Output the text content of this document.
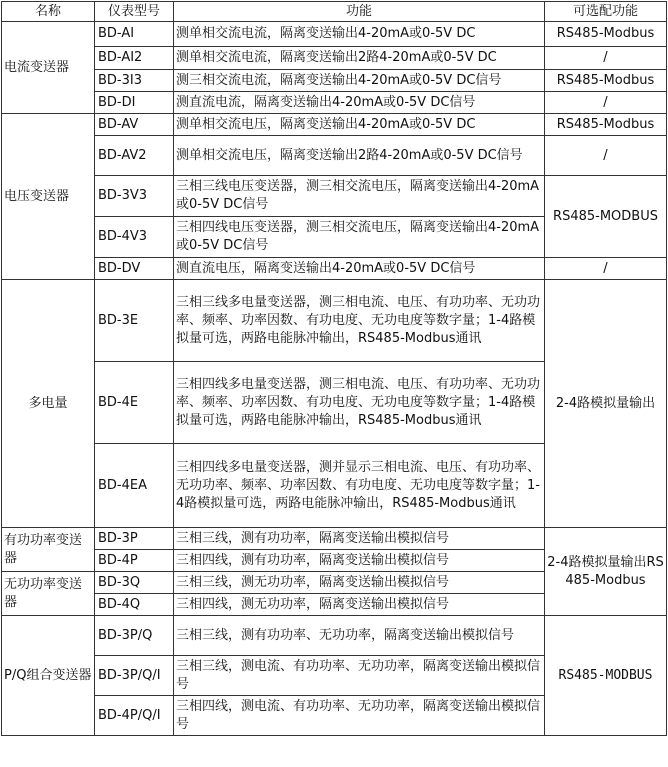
名称	仪表型号	功能	可选配功能
电流变送器	BD-AI	测单相交流电流，隔离变送输出4-20mA或0-5V DC	RS485-Modbus
	BD-AI2	测单相交流电流，隔离变送输出2路4-20mA或0-5V DC	/
	BD-3I3	测三相交流电流，隔离变送输出4-20mA或0-5V DC信号	RS485-Modbus
	BD-DI	测直流电流，隔离变送输出4-20mA或0-5V DC信号	/
电压变送器	BD-AV	测单相交流电压，隔离变送输出4-20mA或0-5V DC	RS485-Modbus
	BD-AV2	测单相交流电压，隔离变送输出2路4-20mA或0-5V DC信号	/
	BD-3V3	三相三线电压变送器，测三相交流电压，隔离变送输出4-20mA或0-5V DC信号	RS485-MODBUS
	BD-4V3	三相四线电压变送器，测三相交流电压，隔离变送输出4-20mA或0-5V DC信号	
	BD-DV	测直流电压，隔离变送输出4-20mA或0-5V DC信号	/
多电量	BD-3E	三相三线多电量变送器，测三相电流、电压、有功功率、无功功率、频率、功率因数、有功电度、无功电度等数字量；1-4路模拟量可选，两路电能脉冲输出，RS485-Modbus通讯	2-4路模拟量输出
	BD-4E	三相四线多电量变送器，测三相电流、电压、有功功率、无功功率、频率、功率因数、有功电度、无功电度等数字量；1-4路模拟量可选，两路电能脉冲输出，RS485-Modbus通讯	
	BD-4EA	三相四线多电量变送器，测并显示三相电流、电压、有功功率、无功功率、频率、功率因数、有功电度、无功电度等数字量；1-4路模拟量可选，两路电能脉冲输出，RS485-Modbus通讯	
有功功率变送器	BD-3P	三相三线，测有功功率，隔离变送输出模拟信号	2-4路模拟量输出RS485-Modbus
	BD-4P	三相四线，测有功功率，隔离变送输出模拟信号	
无功功率变送器	BD-3Q	三相三线，测无功功率，隔离变送输出模拟信号	
	BD-4Q	三相四线，测无功功率，隔离变送输出模拟信号	
P/Q组合变送器	BD-3P/Q	三相三线，测有功功率、无功功率，隔离变送输出模拟信号	RS485-MODBUS
	BD-3P/Q/I	三相三线，测电流、有功功率、无功功率，隔离变送输出模拟信号	
	BD-4P/Q/I	三相四线，测电流、有功功率、无功功率，隔离变送输出模拟信号	
